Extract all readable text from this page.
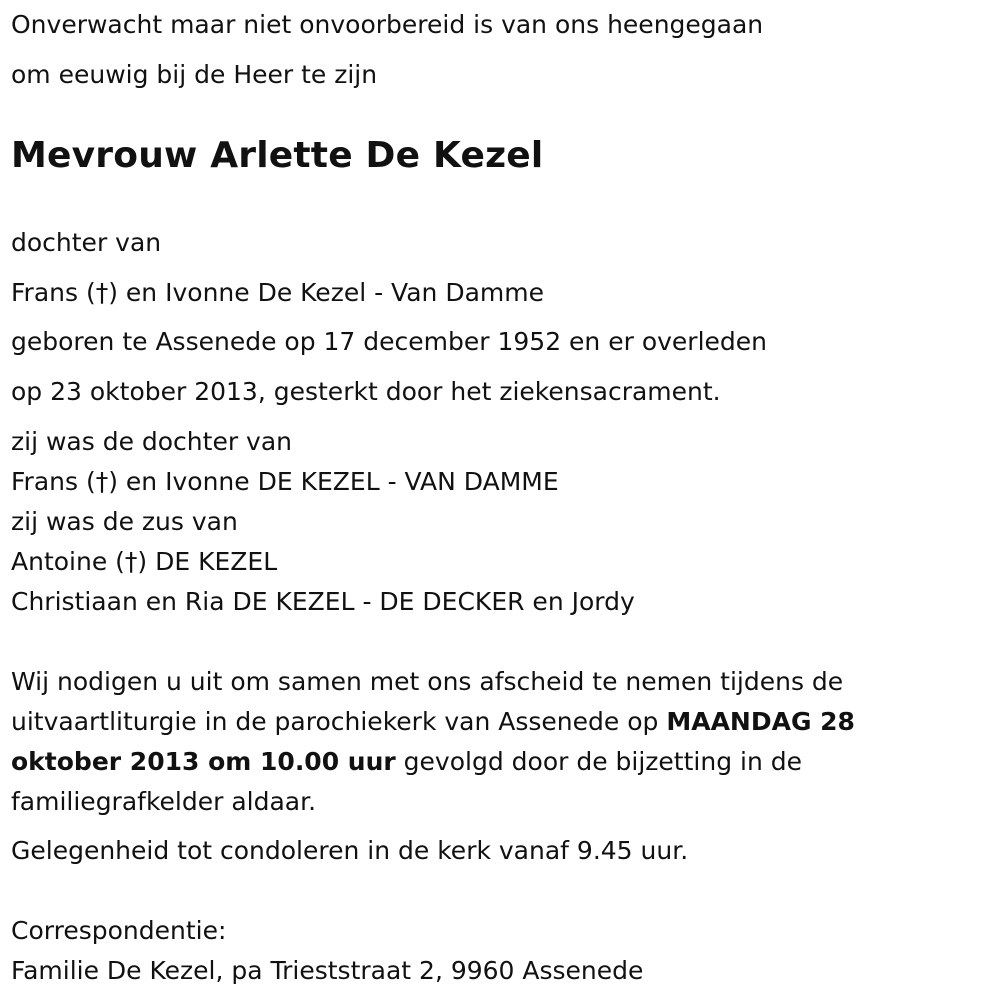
Onverwacht maar niet onvoorbereid is van ons heengegaan
om eeuwig bij de Heer te zijn
Mevrouw Arlette De Kezel
dochter van
Frans (†) en Ivonne De Kezel - Van Damme
geboren te Assenede op 17 december 1952 en er overleden
op 23 oktober 2013, gesterkt door het ziekensacrament.
zij was de dochter van
Frans (†) en Ivonne DE KEZEL - VAN DAMME
zij was de zus van
Antoine (†) DE KEZEL
Christiaan en Ria DE KEZEL - DE DECKER en Jordy
Wij nodigen u uit om samen met ons afscheid te nemen tijdens de
uitvaartliturgie in de parochiekerk van Assenede op MAANDAG 28
oktober 2013 om 10.00 uur gevolgd door de bijzetting in de
familiegrafkelder aldaar.
Gelegenheid tot condoleren in de kerk vanaf 9.45 uur.
Correspondentie:
Familie De Kezel, pa Trieststraat 2, 9960 Assenede
